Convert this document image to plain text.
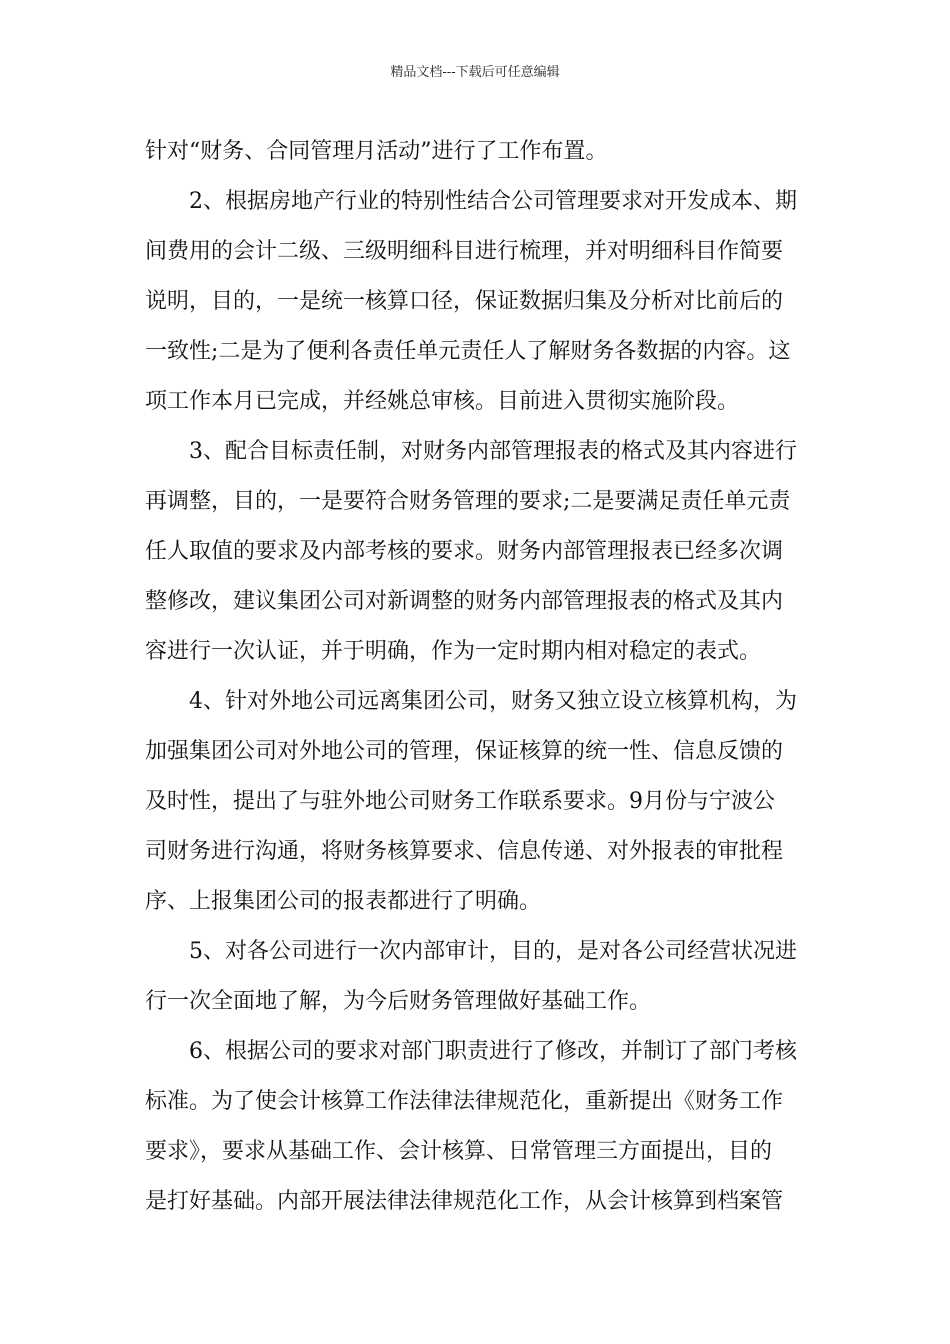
精品文档---下载后可任意编辑
针对“财务、合同管理月活动”进行了工作布置。
2、根据房地产行业的特别性结合公司管理要求对开发成本、期
间费用的会计二级、三级明细科目进行梳理，并对明细科目作简要
说明，目的，一是统一核算口径，保证数据归集及分析对比前后的
一致性;二是为了便利各责任单元责任人了解财务各数据的内容。这
项工作本月已完成，并经姚总审核。目前进入贯彻实施阶段。
3、配合目标责任制，对财务内部管理报表的格式及其内容进行
再调整，目的，一是要符合财务管理的要求;二是要满足责任单元责
任人取值的要求及内部考核的要求。财务内部管理报表已经多次调
整修改，建议集团公司对新调整的财务内部管理报表的格式及其内
容进行一次认证，并于明确，作为一定时期内相对稳定的表式。
4、针对外地公司远离集团公司，财务又独立设立核算机构，为
加强集团公司对外地公司的管理，保证核算的统一性、信息反馈的
及时性，提出了与驻外地公司财务工作联系要求。9月份与宁波公
司财务进行沟通，将财务核算要求、信息传递、对外报表的审批程
序、上报集团公司的报表都进行了明确。
5、对各公司进行一次内部审计，目的，是对各公司经营状况进
行一次全面地了解，为今后财务管理做好基础工作。
6、根据公司的要求对部门职责进行了修改，并制订了部门考核
标准。为了使会计核算工作法律法律规范化，重新提出《财务工作
要求》，要求从基础工作、会计核算、日常管理三方面提出，目的
是打好基础。内部开展法律法律规范化工作，从会计核算到档案管
